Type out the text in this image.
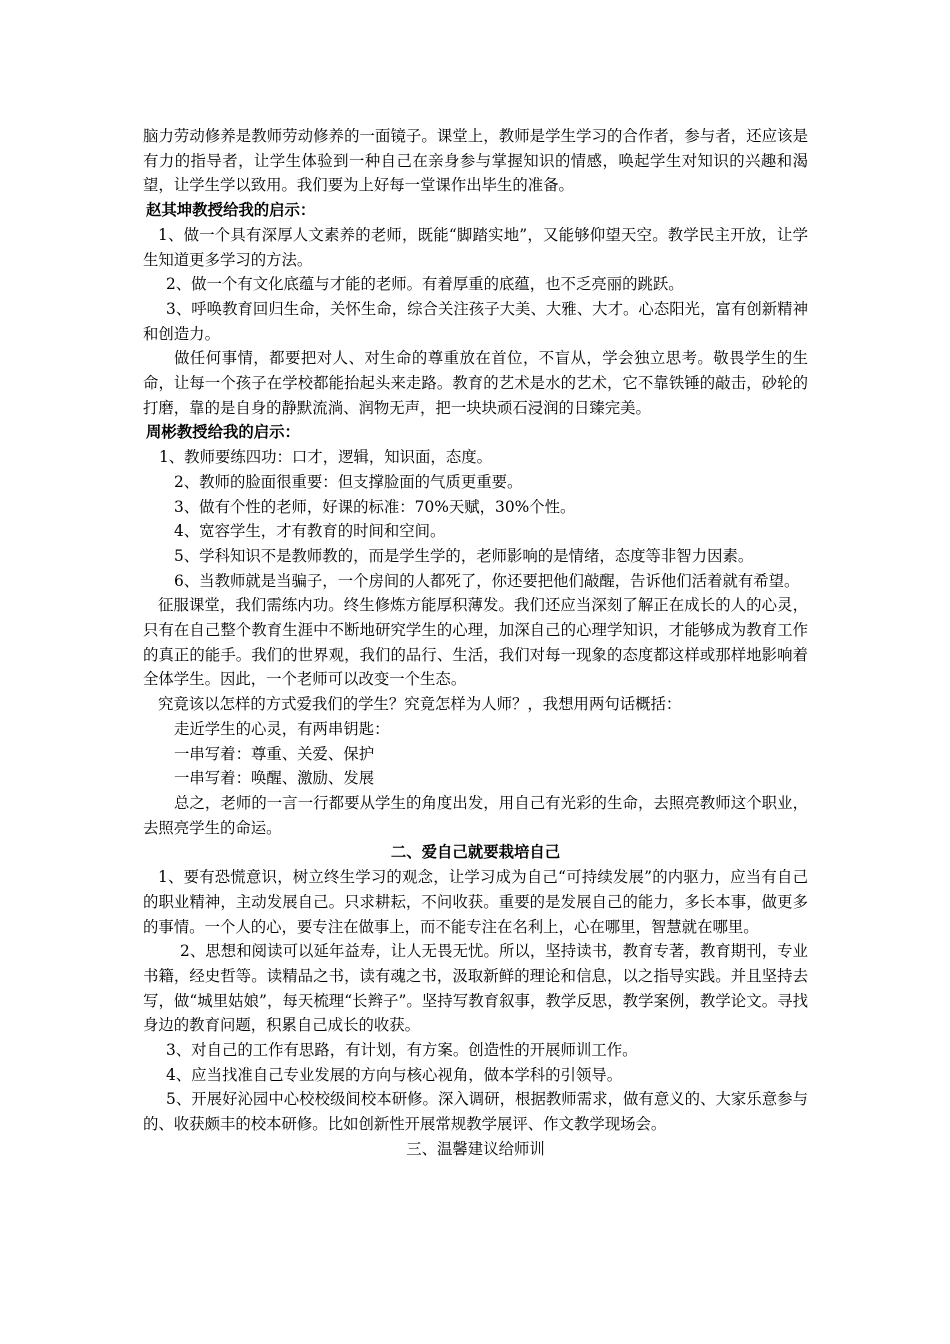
脑力劳动修养是教师劳动修养的一面镜子。课堂上，教师是学生学习的合作者，参与者，还应该是有力的指导者，让学生体验到一种自己在亲身参与掌握知识的情感，唤起学生对知识的兴趣和渴望，让学生学以致用。我们要为上好每一堂课作出毕生的准备。

赵其坤教授给我的启示：

1、做一个具有深厚人文素养的老师，既能“脚踏实地”，又能够仰望天空。教学民主开放，让学生知道更多学习的方法。

2、做一个有文化底蕴与才能的老师。有着厚重的底蕴，也不乏亮丽的跳跃。

3、呼唤教育回归生命，关怀生命，综合关注孩子大美、大雅、大才。心态阳光，富有创新精神和创造力。

做任何事情，都要把对人、对生命的尊重放在首位，不盲从，学会独立思考。敬畏学生的生命，让每一个孩子在学校都能抬起头来走路。教育的艺术是水的艺术，它不靠铁锤的敲击，砂轮的打磨，靠的是自身的静默流淌、润物无声，把一块块顽石浸润的日臻完美。

周彬教授给我的启示：

1、教师要练四功：口才，逻辑，知识面，态度。

2、教师的脸面很重要：但支撑脸面的气质更重要。

3、做有个性的老师，好课的标准：70%天赋，30%个性。

4、宽容学生，才有教育的时间和空间。

5、学科知识不是教师教的，而是学生学的，老师影响的是情绪，态度等非智力因素。

6、当教师就是当骗子，一个房间的人都死了，你还要把他们敲醒，告诉他们活着就有希望。

征服课堂，我们需练内功。终生修炼方能厚积薄发。我们还应当深刻了解正在成长的人的心灵，只有在自己整个教育生涯中不断地研究学生的心理，加深自己的心理学知识，才能够成为教育工作的真正的能手。我们的世界观，我们的品行、生活，我们对每一现象的态度都这样或那样地影响着全体学生。因此，一个老师可以改变一个生态。

究竟该以怎样的方式爱我们的学生？究竟怎样为人师？，我想用两句话概括：

走近学生的心灵，有两串钥匙：

一串写着：尊重、关爱、保护

一串写着：唤醒、激励、发展

总之，老师的一言一行都要从学生的角度出发，用自己有光彩的生命，去照亮教师这个职业，去照亮学生的命运。

二、爱自己就要栽培自己

1、要有恐慌意识，树立终生学习的观念，让学习成为自己“可持续发展”的内驱力，应当有自己的职业精神，主动发展自己。只求耕耘，不问收获。重要的是发展自己的能力，多长本事，做更多的事情。一个人的心，要专注在做事上，而不能专注在名利上，心在哪里，智慧就在哪里。

2、思想和阅读可以延年益寿，让人无畏无忧。所以，坚持读书，教育专著，教育期刊，专业书籍，经史哲等。读精品之书，读有魂之书，汲取新鲜的理论和信息，以之指导实践。并且坚持去写，做“城里姑娘”，每天梳理“长辫子”。坚持写教育叙事，教学反思，教学案例，教学论文。寻找身边的教育问题，积累自己成长的收获。

3、对自己的工作有思路，有计划，有方案。创造性的开展师训工作。

4、应当找准自己专业发展的方向与核心视角，做本学科的引领导。

5、开展好沁园中心校校级间校本研修。深入调研，根据教师需求，做有意义的、大家乐意参与的、收获颇丰的校本研修。比如创新性开展常规教学展评、作文教学现场会。

三、温馨建议给师训
